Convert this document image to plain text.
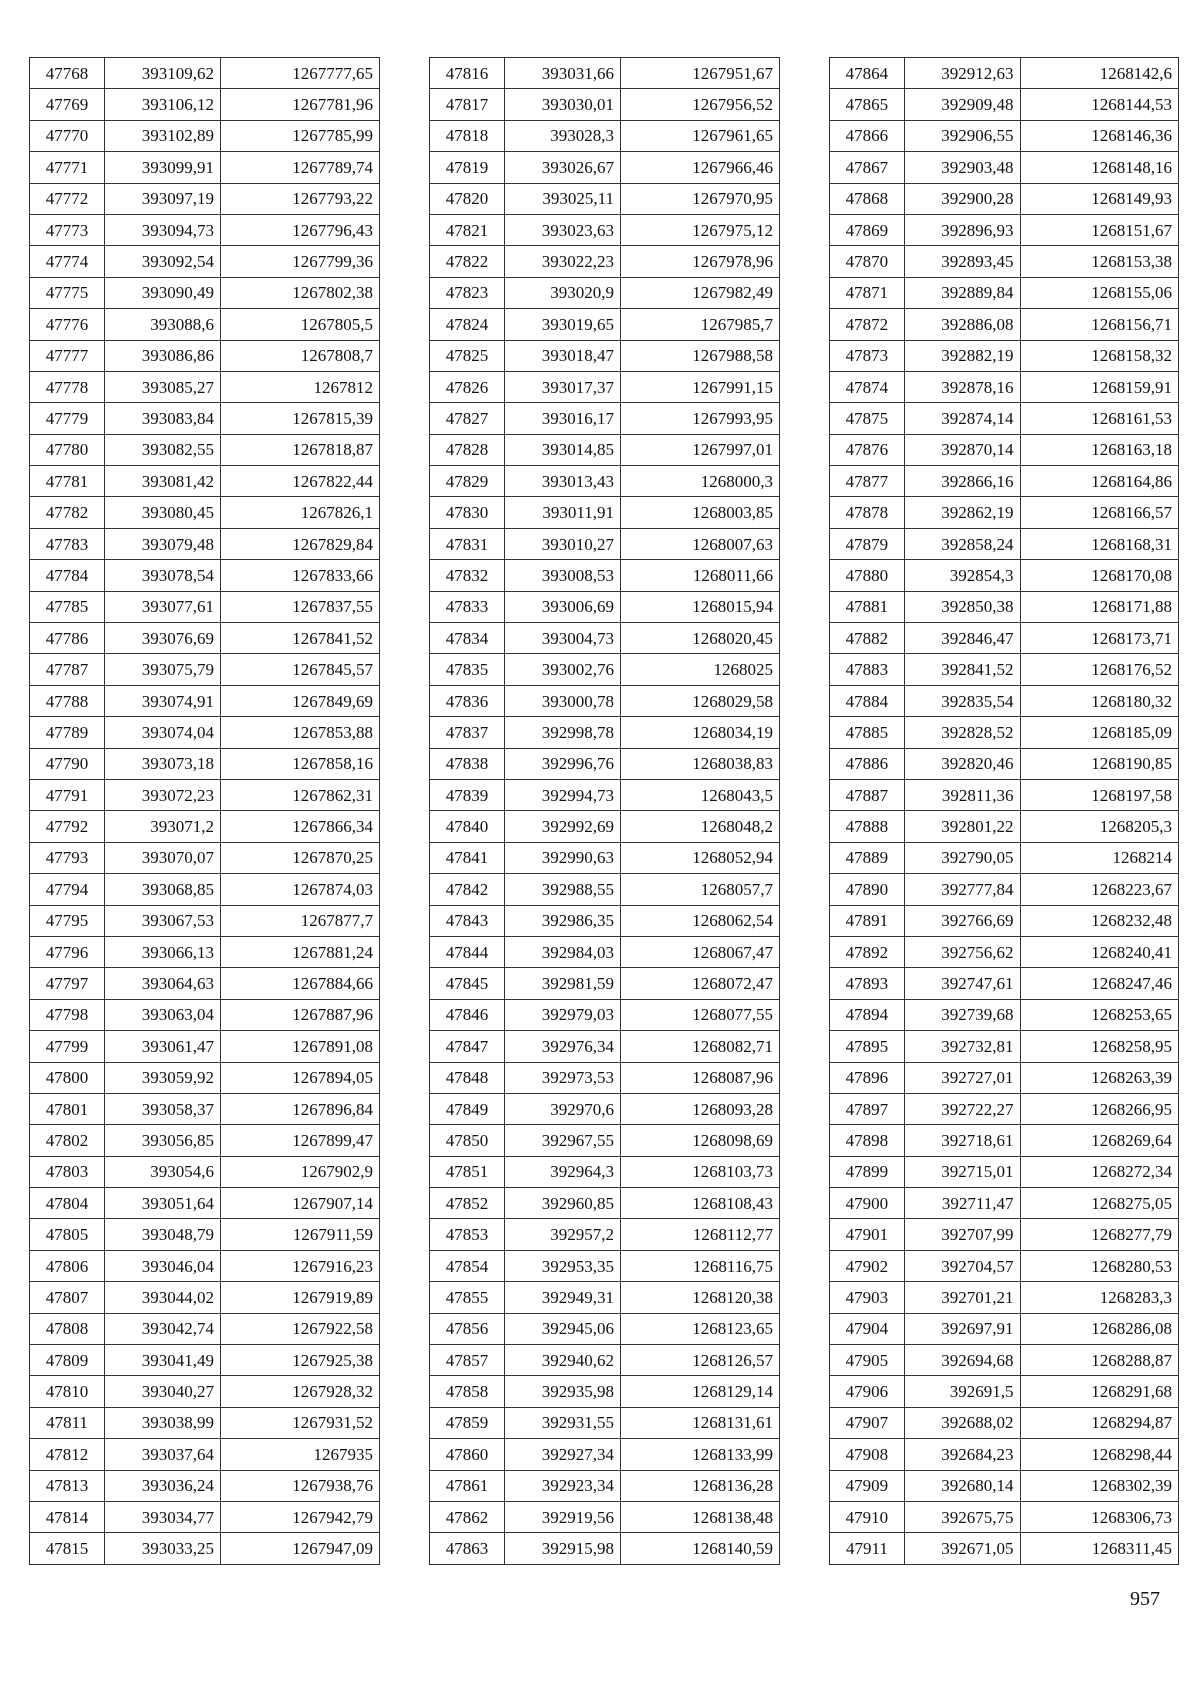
47768	393109,62	1267777,65
47769	393106,12	1267781,96
47770	393102,89	1267785,99
47771	393099,91	1267789,74
47772	393097,19	1267793,22
47773	393094,73	1267796,43
47774	393092,54	1267799,36
47775	393090,49	1267802,38
47776	393088,6	1267805,5
47777	393086,86	1267808,7
47778	393085,27	1267812
47779	393083,84	1267815,39
47780	393082,55	1267818,87
47781	393081,42	1267822,44
47782	393080,45	1267826,1
47783	393079,48	1267829,84
47784	393078,54	1267833,66
47785	393077,61	1267837,55
47786	393076,69	1267841,52
47787	393075,79	1267845,57
47788	393074,91	1267849,69
47789	393074,04	1267853,88
47790	393073,18	1267858,16
47791	393072,23	1267862,31
47792	393071,2	1267866,34
47793	393070,07	1267870,25
47794	393068,85	1267874,03
47795	393067,53	1267877,7
47796	393066,13	1267881,24
47797	393064,63	1267884,66
47798	393063,04	1267887,96
47799	393061,47	1267891,08
47800	393059,92	1267894,05
47801	393058,37	1267896,84
47802	393056,85	1267899,47
47803	393054,6	1267902,9
47804	393051,64	1267907,14
47805	393048,79	1267911,59
47806	393046,04	1267916,23
47807	393044,02	1267919,89
47808	393042,74	1267922,58
47809	393041,49	1267925,38
47810	393040,27	1267928,32
47811	393038,99	1267931,52
47812	393037,64	1267935
47813	393036,24	1267938,76
47814	393034,77	1267942,79
47815	393033,25	1267947,09
47816	393031,66	1267951,67
47817	393030,01	1267956,52
47818	393028,3	1267961,65
47819	393026,67	1267966,46
47820	393025,11	1267970,95
47821	393023,63	1267975,12
47822	393022,23	1267978,96
47823	393020,9	1267982,49
47824	393019,65	1267985,7
47825	393018,47	1267988,58
47826	393017,37	1267991,15
47827	393016,17	1267993,95
47828	393014,85	1267997,01
47829	393013,43	1268000,3
47830	393011,91	1268003,85
47831	393010,27	1268007,63
47832	393008,53	1268011,66
47833	393006,69	1268015,94
47834	393004,73	1268020,45
47835	393002,76	1268025
47836	393000,78	1268029,58
47837	392998,78	1268034,19
47838	392996,76	1268038,83
47839	392994,73	1268043,5
47840	392992,69	1268048,2
47841	392990,63	1268052,94
47842	392988,55	1268057,7
47843	392986,35	1268062,54
47844	392984,03	1268067,47
47845	392981,59	1268072,47
47846	392979,03	1268077,55
47847	392976,34	1268082,71
47848	392973,53	1268087,96
47849	392970,6	1268093,28
47850	392967,55	1268098,69
47851	392964,3	1268103,73
47852	392960,85	1268108,43
47853	392957,2	1268112,77
47854	392953,35	1268116,75
47855	392949,31	1268120,38
47856	392945,06	1268123,65
47857	392940,62	1268126,57
47858	392935,98	1268129,14
47859	392931,55	1268131,61
47860	392927,34	1268133,99
47861	392923,34	1268136,28
47862	392919,56	1268138,48
47863	392915,98	1268140,59
47864	392912,63	1268142,6
47865	392909,48	1268144,53
47866	392906,55	1268146,36
47867	392903,48	1268148,16
47868	392900,28	1268149,93
47869	392896,93	1268151,67
47870	392893,45	1268153,38
47871	392889,84	1268155,06
47872	392886,08	1268156,71
47873	392882,19	1268158,32
47874	392878,16	1268159,91
47875	392874,14	1268161,53
47876	392870,14	1268163,18
47877	392866,16	1268164,86
47878	392862,19	1268166,57
47879	392858,24	1268168,31
47880	392854,3	1268170,08
47881	392850,38	1268171,88
47882	392846,47	1268173,71
47883	392841,52	1268176,52
47884	392835,54	1268180,32
47885	392828,52	1268185,09
47886	392820,46	1268190,85
47887	392811,36	1268197,58
47888	392801,22	1268205,3
47889	392790,05	1268214
47890	392777,84	1268223,67
47891	392766,69	1268232,48
47892	392756,62	1268240,41
47893	392747,61	1268247,46
47894	392739,68	1268253,65
47895	392732,81	1268258,95
47896	392727,01	1268263,39
47897	392722,27	1268266,95
47898	392718,61	1268269,64
47899	392715,01	1268272,34
47900	392711,47	1268275,05
47901	392707,99	1268277,79
47902	392704,57	1268280,53
47903	392701,21	1268283,3
47904	392697,91	1268286,08
47905	392694,68	1268288,87
47906	392691,5	1268291,68
47907	392688,02	1268294,87
47908	392684,23	1268298,44
47909	392680,14	1268302,39
47910	392675,75	1268306,73
47911	392671,05	1268311,45
957
